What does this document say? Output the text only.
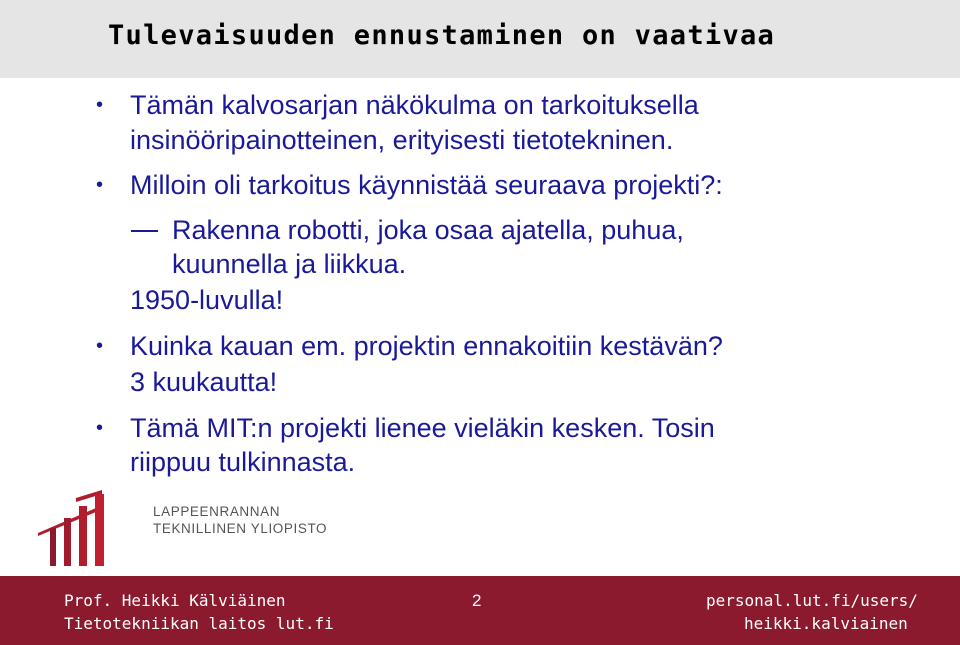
Tulevaisuuden ennustaminen on vaativaa
• Tämän kalvosarjan näkökulma on tarkoituksella
insinööripainotteinen, erityisesti tietotekninen.
• Milloin oli tarkoitus käynnistää seuraava projekti?:
Rakenna robotti, joka osaa ajatella, puhua,
kuunnella ja liikkua.
1950-luvulla!
• Kuinka kauan em. projektin ennakoitiin kestävän?
3 kuukautta!
• Tämä MIT:n projekti lienee vieläkin kesken. Tosin
riippuu tulkinnasta.
LAPPEENRANNAN
TEKNILLINEN YLIOPISTO
Prof. Heikki Kälviäinen
Tietotekniikan laitos lut.fi
2	personal.lut.fi/users/
heikki.kalviainen
